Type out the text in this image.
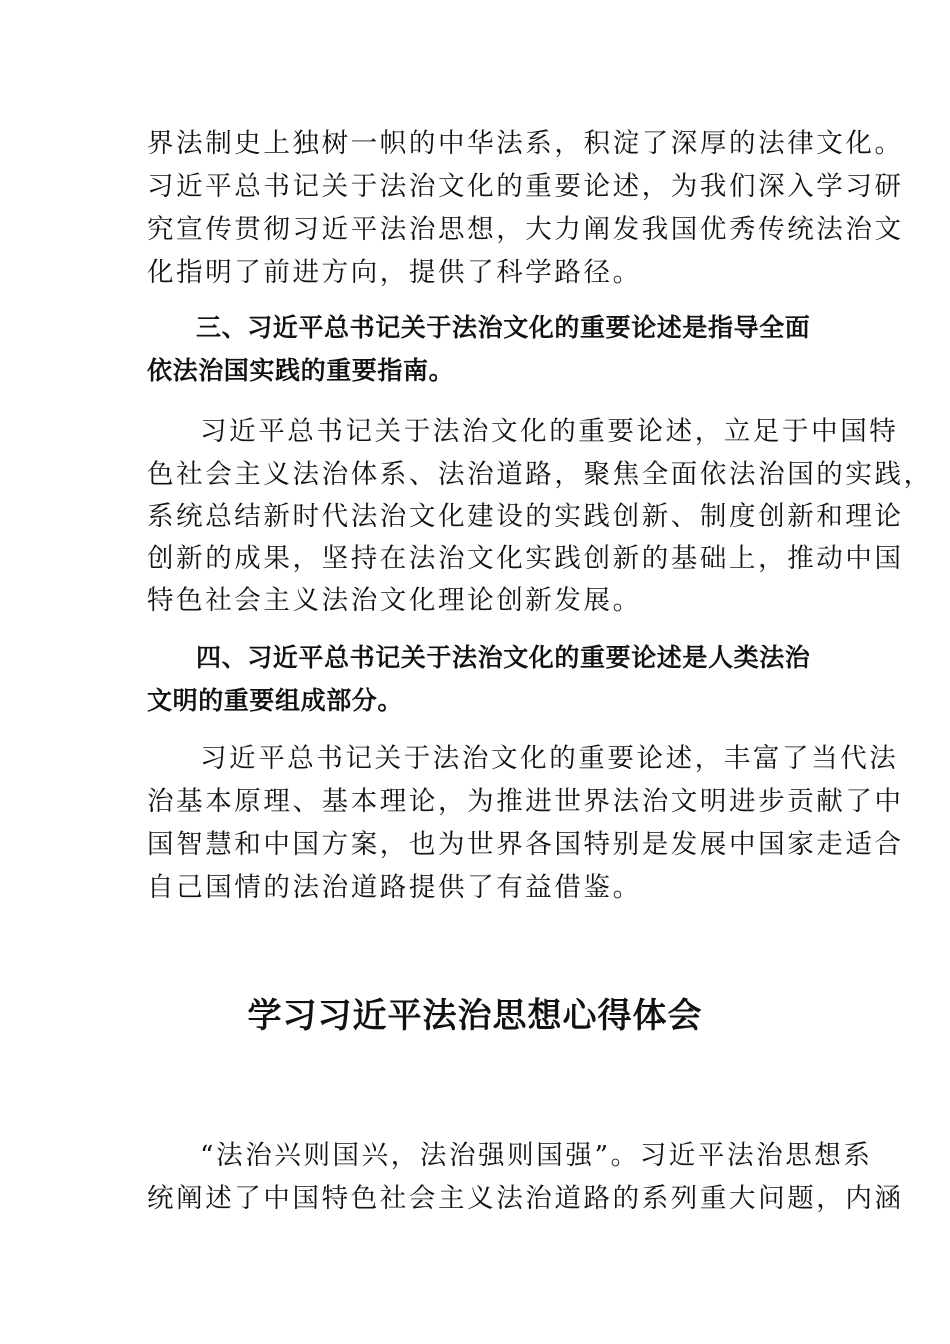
界法制史上独树一帜的中华法系，积淀了深厚的法律文化。
习近平总书记关于法治文化的重要论述，为我们深入学习研
究宣传贯彻习近平法治思想，大力阐发我国优秀传统法治文
化指明了前进方向，提供了科学路径。
三、习近平总书记关于法治文化的重要论述是指导全面
依法治国实践的重要指南。
习近平总书记关于法治文化的重要论述，立足于中国特
色社会主义法治体系、法治道路，聚焦全面依法治国的实践，
系统总结新时代法治文化建设的实践创新、制度创新和理论
创新的成果，坚持在法治文化实践创新的基础上，推动中国
特色社会主义法治文化理论创新发展。
四、习近平总书记关于法治文化的重要论述是人类法治
文明的重要组成部分。
习近平总书记关于法治文化的重要论述，丰富了当代法
治基本原理、基本理论，为推进世界法治文明进步贡献了中
国智慧和中国方案，也为世界各国特别是发展中国家走适合
自己国情的法治道路提供了有益借鉴。
学习习近平法治思想心得体会
“法治兴则国兴，法治强则国强”。习近平法治思想系
统阐述了中国特色社会主义法治道路的系列重大问题，内涵
